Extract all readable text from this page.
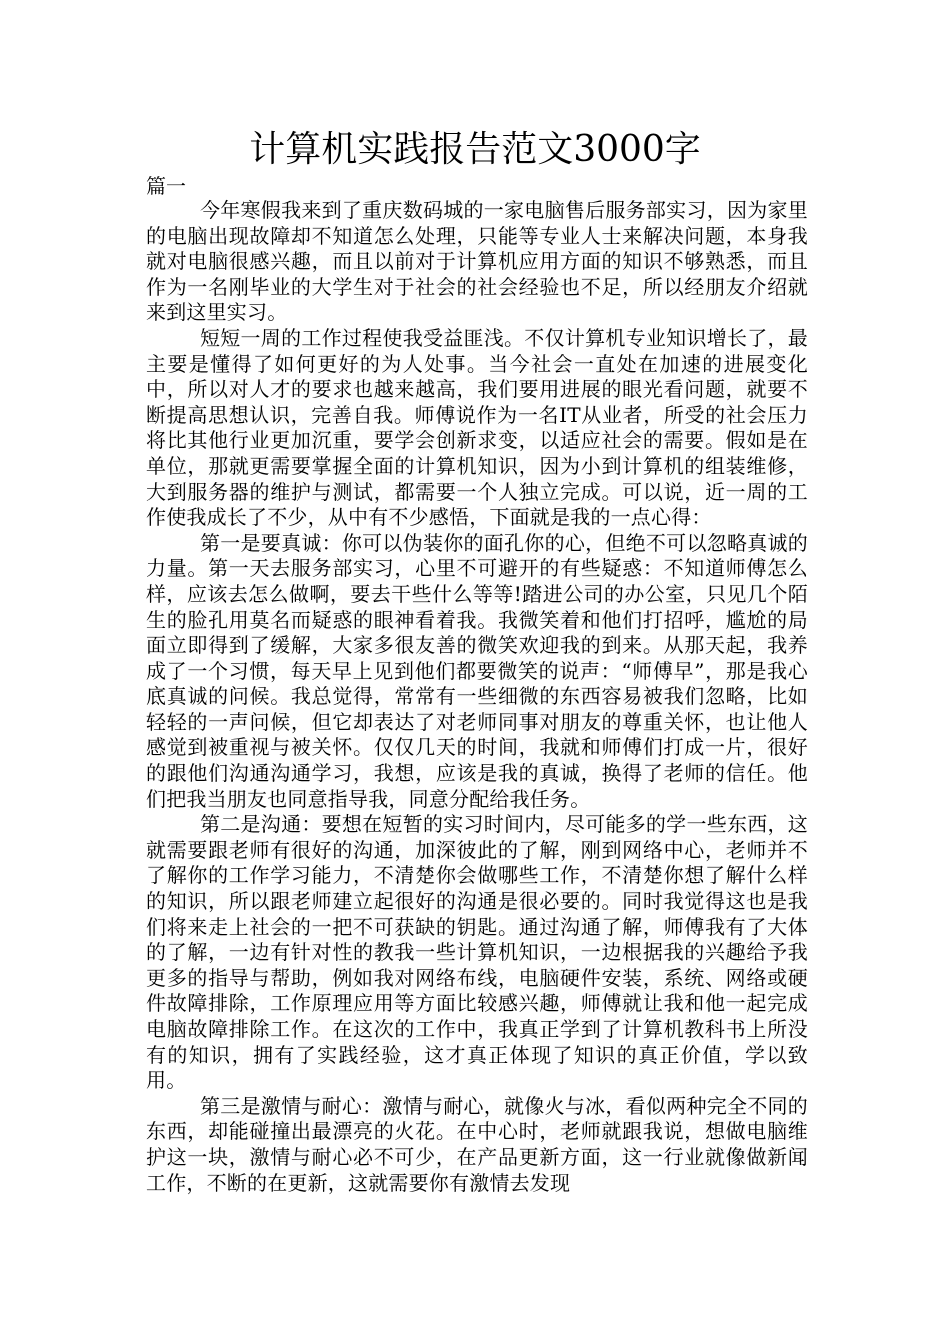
计算机实践报告范文3000字
篇一

今年寒假我来到了重庆数码城的一家电脑售后服务部实习，因为家里的电脑出现故障却不知道怎么处理，只能等专业人士来解决问题，本身我就对电脑很感兴趣，而且以前对于计算机应用方面的知识不够熟悉，而且作为一名刚毕业的大学生对于社会的社会经验也不足，所以经朋友介绍就来到这里实习。

短短一周的工作过程使我受益匪浅。不仅计算机专业知识增长了，最主要是懂得了如何更好的为人处事。当今社会一直处在加速的进展变化中，所以对人才的要求也越来越高，我们要用进展的眼光看问题，就要不断提高思想认识，完善自我。师傅说作为一名IT从业者，所受的社会压力将比其他行业更加沉重，要学会创新求变，以适应社会的需要。假如是在单位，那就更需要掌握全面的计算机知识，因为小到计算机的组装维修，大到服务器的维护与测试，都需要一个人独立完成。可以说，近一周的工作使我成长了不少，从中有不少感悟，下面就是我的一点心得：

第一是要真诚：你可以伪装你的面孔你的心，但绝不可以忽略真诚的力量。第一天去服务部实习，心里不可避开的有些疑惑：不知道师傅怎么样，应该去怎么做啊，要去干些什么等等!踏进公司的办公室，只见几个陌生的脸孔用莫名而疑惑的眼神看着我。我微笑着和他们打招呼，尴尬的局面立即得到了缓解，大家多很友善的微笑欢迎我的到来。从那天起，我养成了一个习惯，每天早上见到他们都要微笑的说声：“师傅早”，那是我心底真诚的问候。我总觉得，常常有一些细微的东西容易被我们忽略，比如轻轻的一声问候，但它却表达了对老师同事对朋友的尊重关怀，也让他人感觉到被重视与被关怀。仅仅几天的时间，我就和师傅们打成一片，很好的跟他们沟通沟通学习，我想，应该是我的真诚，换得了老师的信任。他们把我当朋友也同意指导我，同意分配给我任务。

第二是沟通：要想在短暂的实习时间内，尽可能多的学一些东西，这就需要跟老师有很好的沟通，加深彼此的了解，刚到网络中心，老师并不了解你的工作学习能力，不清楚你会做哪些工作，不清楚你想了解什么样的知识，所以跟老师建立起很好的沟通是很必要的。同时我觉得这也是我们将来走上社会的一把不可获缺的钥匙。通过沟通了解，师傅我有了大体的了解，一边有针对性的教我一些计算机知识，一边根据我的兴趣给予我更多的指导与帮助，例如我对网络布线，电脑硬件安装，系统、网络或硬件故障排除，工作原理应用等方面比较感兴趣，师傅就让我和他一起完成电脑故障排除工作。在这次的工作中，我真正学到了计算机教科书上所没有的知识，拥有了实践经验，这才真正体现了知识的真正价值，学以致用。

第三是激情与耐心：激情与耐心，就像火与冰，看似两种完全不同的东西，却能碰撞出最漂亮的火花。在中心时，老师就跟我说，想做电脑维护这一块，激情与耐心必不可少，在产品更新方面，这一行业就像做新闻工作，不断的在更新，这就需要你有激情去发现
